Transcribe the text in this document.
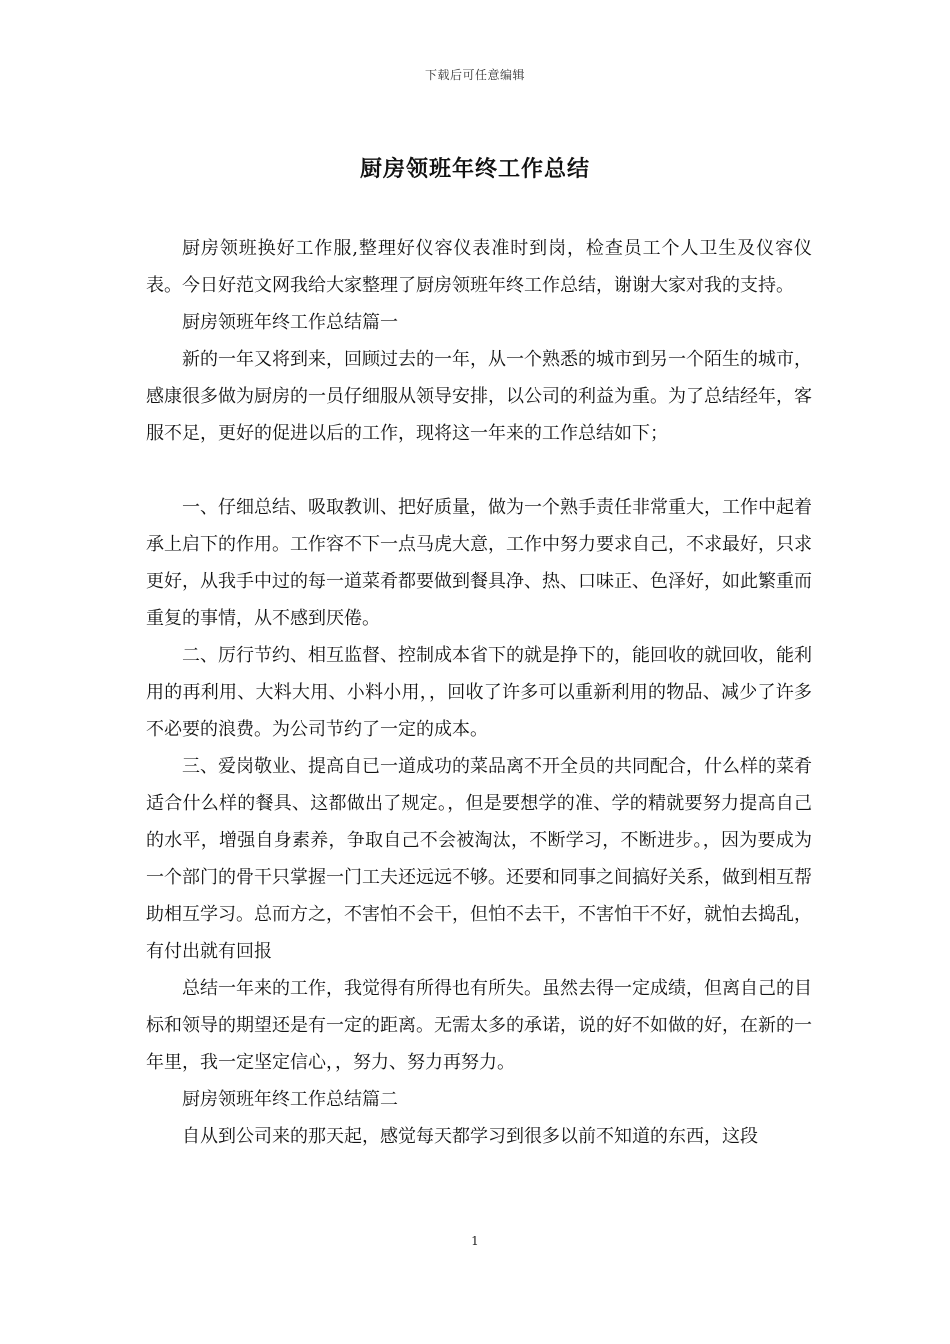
下载后可任意编辑
厨房领班年终工作总结

厨房领班换好工作服,整理好仪容仪表准时到岗，检查员工个人卫生及仪容仪表。今日好范文网我给大家整理了厨房领班年终工作总结，谢谢大家对我的支持。

厨房领班年终工作总结篇一

新的一年又将到来，回顾过去的一年，从一个熟悉的城市到另一个陌生的城市，感康很多做为厨房的一员仔细服从领导安排，以公司的利益为重。为了总结经年，客服不足，更好的促进以后的工作，现将这一年来的工作总结如下；

一、仔细总结、吸取教训、把好质量，做为一个熟手责任非常重大，工作中起着承上启下的作用。工作容不下一点马虎大意，工作中努力要求自己，不求最好，只求更好，从我手中过的每一道菜肴都要做到餐具净、热、口味正、色泽好，如此繁重而重复的事情，从不感到厌倦。

二、厉行节约、相互监督、控制成本省下的就是挣下的，能回收的就回收，能利用的再利用、大料大用、小料小用，，回收了许多可以重新利用的物品、减少了许多不必要的浪费。为公司节约了一定的成本。

三、爱岗敬业、提高自已一道成功的菜品离不开全员的共同配合，什么样的菜肴适合什么样的餐具、这都做出了规定。，但是要想学的准、学的精就要努力提高自己的水平，增强自身素养，争取自己不会被淘汰，不断学习，不断进步。，因为要成为一个部门的骨干只掌握一门工夫还远远不够。还要和同事之间搞好关系，做到相互帮助相互学习。总而方之，不害怕不会干，但怕不去干，不害怕干不好，就怕去捣乱，有付出就有回报

总结一年来的工作，我觉得有所得也有所失。虽然去得一定成绩，但离自己的目标和领导的期望还是有一定的距离。无需太多的承诺，说的好不如做的好，在新的一年里，我一定坚定信心，，努力、努力再努力。

厨房领班年终工作总结篇二

自从到公司来的那天起，感觉每天都学习到很多以前不知道的东西，这段

1
